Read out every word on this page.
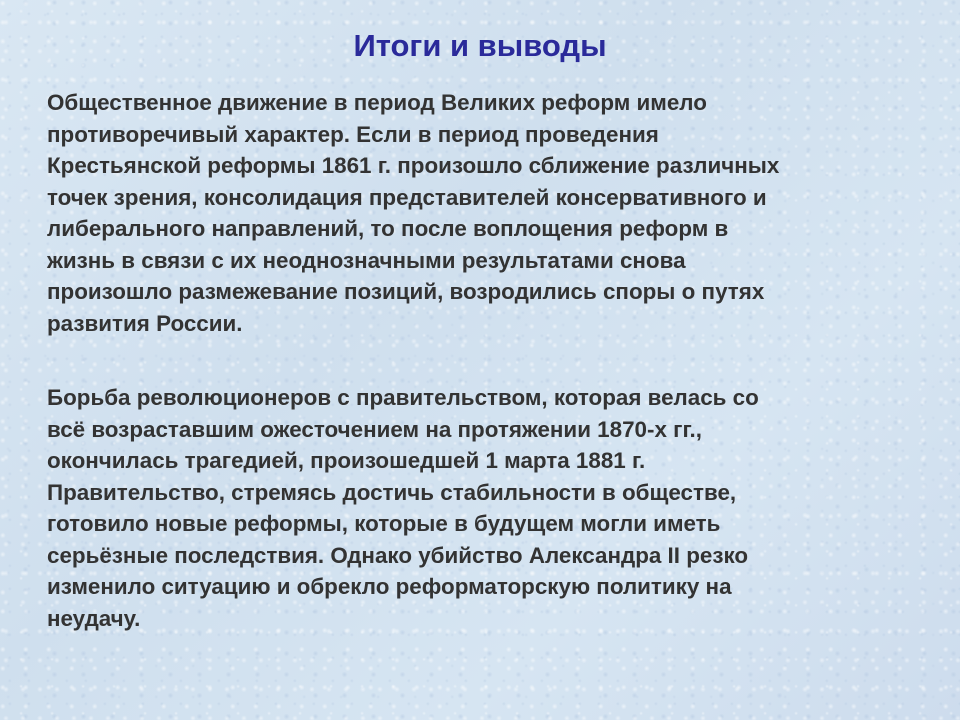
Итоги и выводы

Общественное движение в период Великих реформ имело
противоречивый характер. Если в период проведения
Крестьянской реформы 1861 г. произошло сближение различных
точек зрения, консолидация представителей консервативного и
либерального направлений, то после воплощения реформ в
жизнь в связи с их неоднозначными результатами снова
произошло размежевание позиций, возродились споры о путях
развития России.

Борьба революционеров с правительством, которая велась со
всё возраставшим ожесточением на протяжении 1870-х гг.,
окончилась трагедией, произошедшей 1 марта 1881 г.
Правительство, стремясь достичь стабильности в обществе,
готовило новые реформы, которые в будущем могли иметь
серьёзные последствия. Однако убийство Александра II резко
изменило ситуацию и обрекло реформаторскую политику на
неудачу.
